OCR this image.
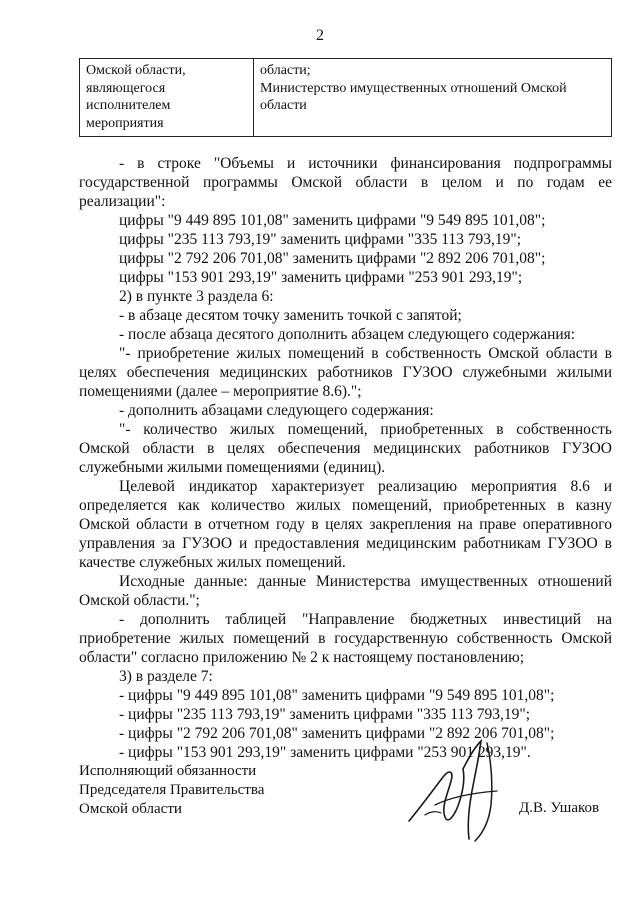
2
Омской области,
являющегося
исполнителем
мероприятия

области;
Министерство имущественных отношений Омской
области

- в строке "Объемы и источники финансирования подпрограммы государственной программы Омской области в целом и по годам ее реализации":

цифры "9 449 895 101,08" заменить цифрами "9 549 895 101,08";

цифры "235 113 793,19" заменить цифрами "335 113 793,19";

цифры "2 792 206 701,08" заменить цифрами "2 892 206 701,08";

цифры "153 901 293,19" заменить цифрами "253 901 293,19";

2) в пункте 3 раздела 6:

- в абзаце десятом точку заменить точкой с запятой;

- после абзаца десятого дополнить абзацем следующего содержания:

"- приобретение жилых помещений в собственность Омской области в целях обеспечения медицинских работников ГУЗОО служебными жилыми помещениями (далее – мероприятие 8.6).";

- дополнить абзацами следующего содержания:

"- количество жилых помещений, приобретенных в собственность Омской области в целях обеспечения медицинских работников ГУЗОО служебными жилыми помещениями (единиц).

Целевой индикатор характеризует реализацию мероприятия 8.6 и определяется как количество жилых помещений, приобретенных в казну Омской области в отчетном году в целях закрепления на праве оперативного управления за ГУЗОО и предоставления медицинским работникам ГУЗОО в качестве служебных жилых помещений.

Исходные данные: данные Министерства имущественных отношений Омской области.";

- дополнить таблицей "Направление бюджетных инвестиций на приобретение жилых помещений в государственную собственность Омской области" согласно приложению № 2 к настоящему постановлению;

3) в разделе 7:

- цифры "9 449 895 101,08" заменить цифрами "9 549 895 101,08";

- цифры "235 113 793,19" заменить цифрами "335 113 793,19";

- цифры "2 792 206 701,08" заменить цифрами "2 892 206 701,08";

- цифры "153 901 293,19" заменить цифрами "253 901 293,19".

Исполняющий обязанности
Председателя Правительства
Омской области	Д.В. Ушаков
